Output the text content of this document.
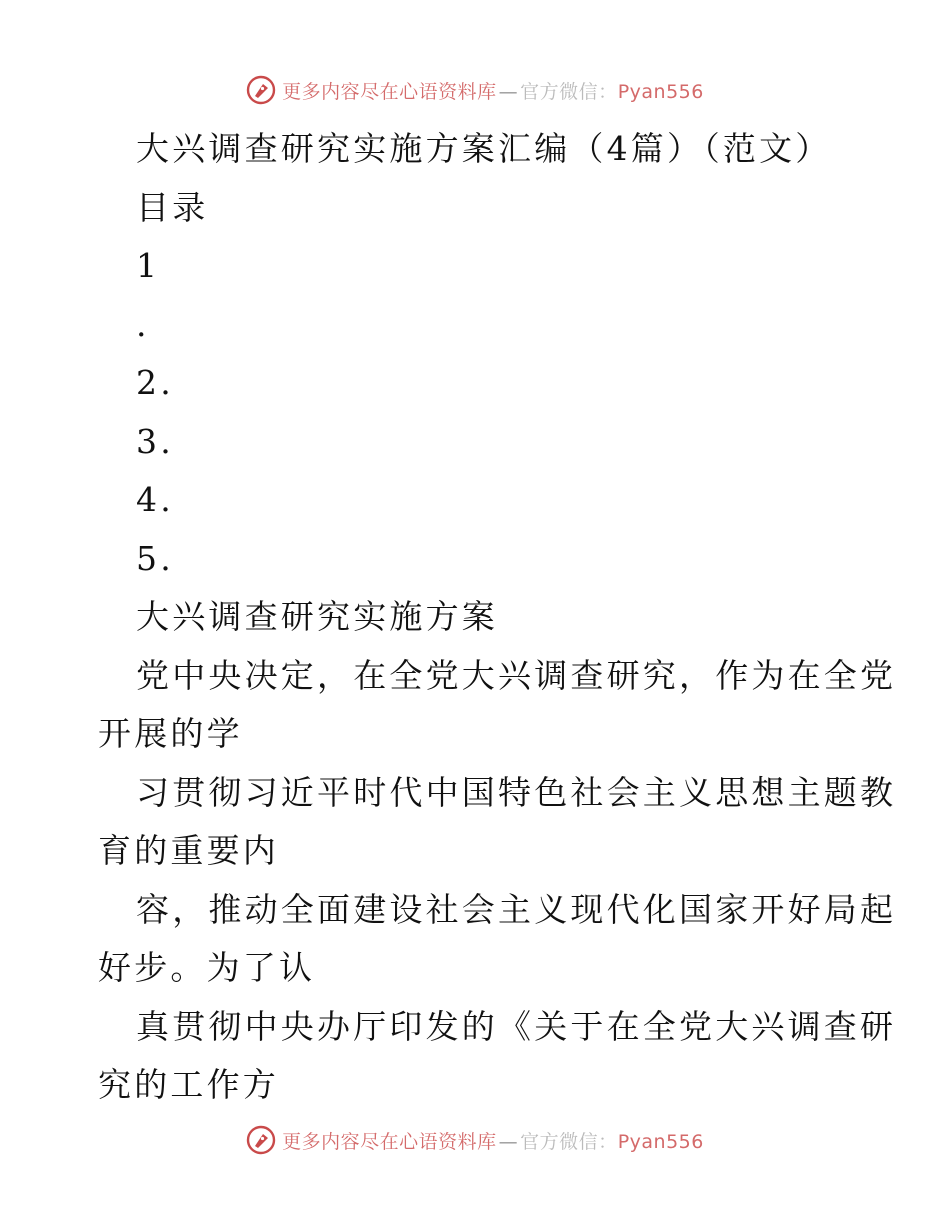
更多内容尽在心语资料库 — 官方微信：Pyan556
大兴调查研究实施方案汇编（4篇）（范文）
目录
1
.
2.
3.
4.
5.
大兴调查研究实施方案
党中央决定，在全党大兴调查研究，作为在全党
开展的学
习贯彻习近平时代中国特色社会主义思想主题教
育的重要内
容，推动全面建设社会主义现代化国家开好局起
好步。为了认
真贯彻中央办厅印发的《关于在全党大兴调查研
究的工作方
更多内容尽在心语资料库 — 官方微信：Pyan556
